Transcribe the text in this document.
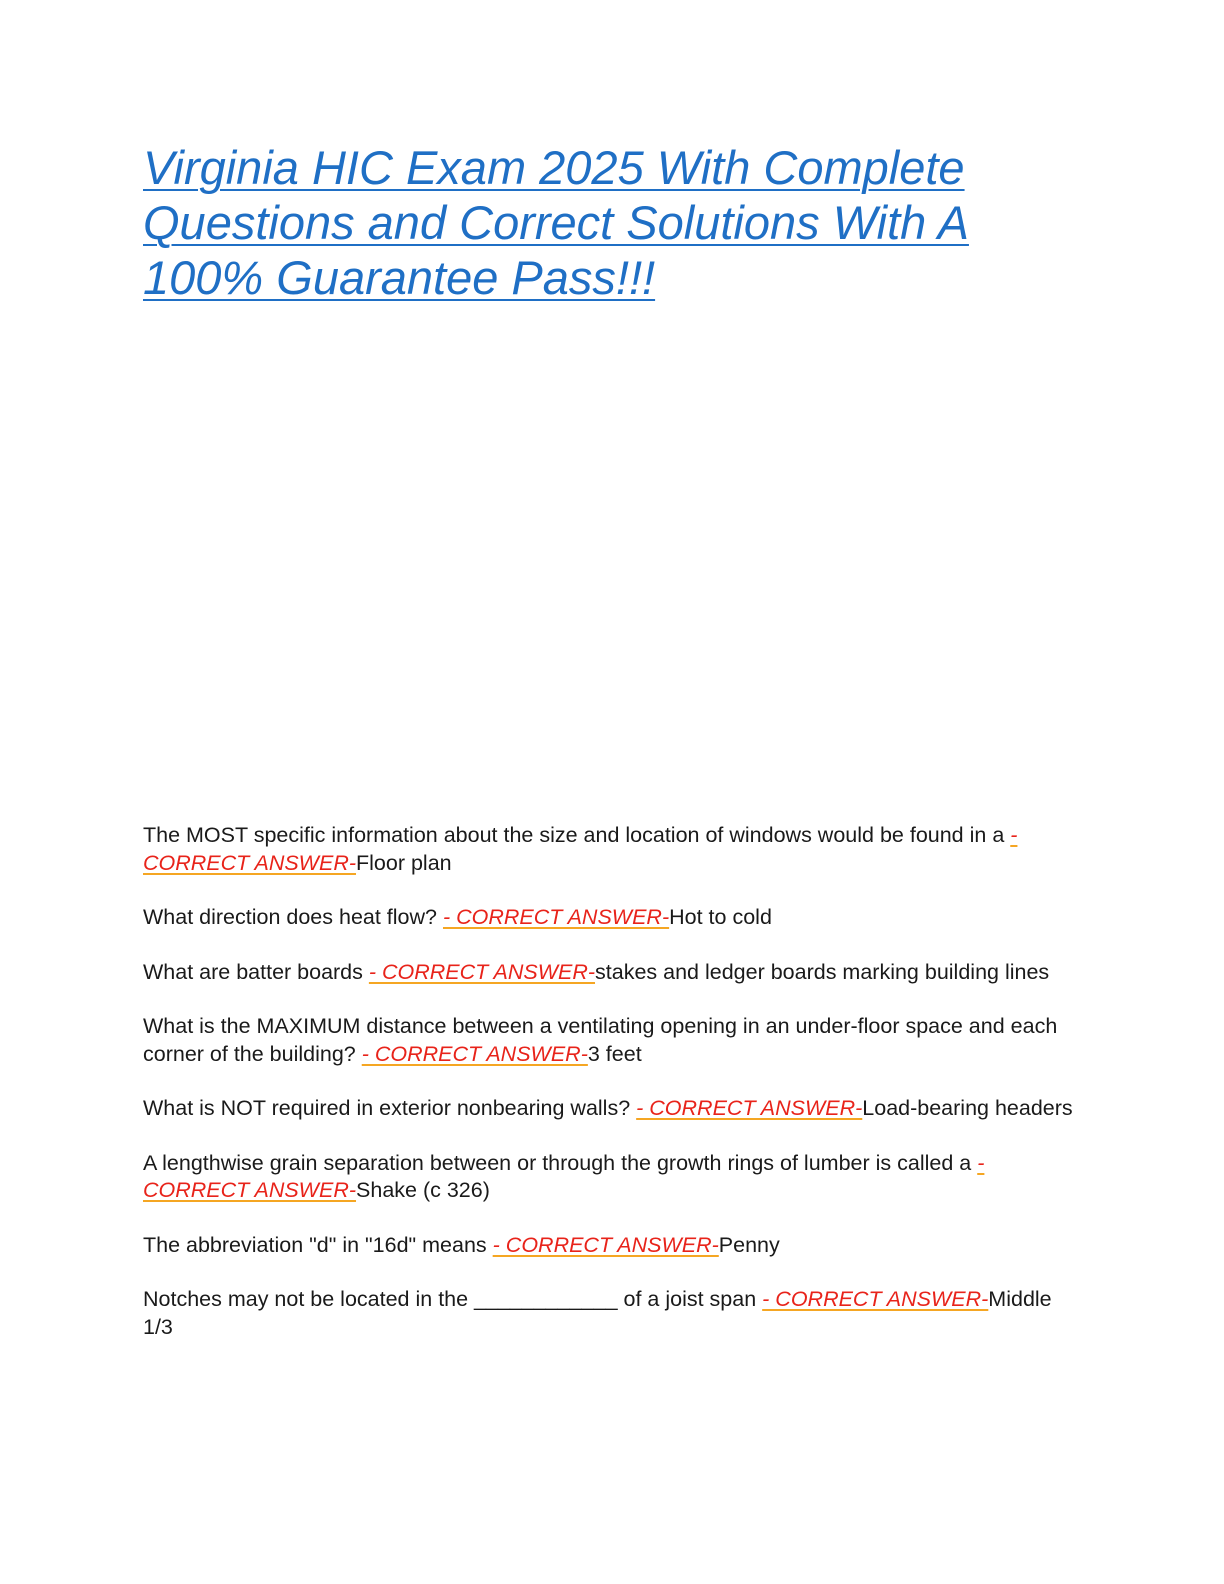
Virginia HIC Exam 2025 With Complete Questions and Correct Solutions With A 100% Guarantee Pass!!!
The MOST specific information about the size and location of windows would be found in a - CORRECT ANSWER-Floor plan
What direction does heat flow? - CORRECT ANSWER-Hot to cold
What are batter boards - CORRECT ANSWER-stakes and ledger boards marking building lines
What is the MAXIMUM distance between a ventilating opening in an under-floor space and each corner of the building? - CORRECT ANSWER-3 feet
What is NOT required in exterior nonbearing walls? - CORRECT ANSWER-Load-bearing headers
A lengthwise grain separation between or through the growth rings of lumber is called a - CORRECT ANSWER-Shake (c 326)
The abbreviation "d" in "16d" means - CORRECT ANSWER-Penny
Notches may not be located in the ____________ of a joist span - CORRECT ANSWER-Middle 1/3
